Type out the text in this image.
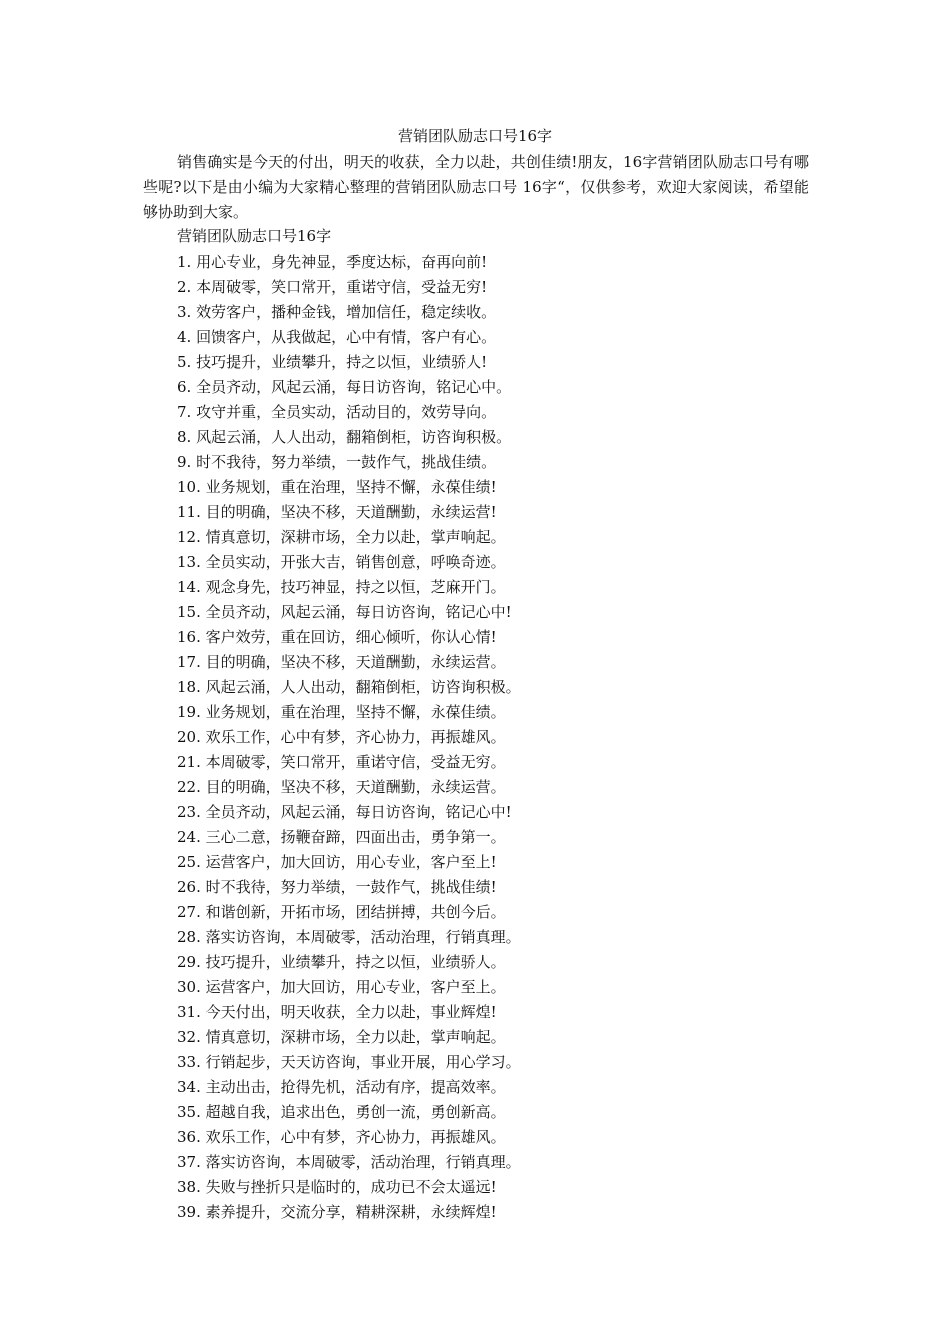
营销团队励志口号16字

销售确实是今天的付出，明天的收获，全力以赴，共创佳绩!朋友，16字营销团队励志口号有哪些呢?以下是由小编为大家精心整理的营销团队励志口号 16字“，仅供参考，欢迎大家阅读，希望能够协助到大家。

营销团队励志口号16字
1. 用心专业，身先神显，季度达标，奋再向前!
2. 本周破零，笑口常开，重诺守信，受益无穷!
3. 效劳客户，播种金钱，增加信任，稳定续收。
4. 回馈客户，从我做起，心中有情，客户有心。
5. 技巧提升，业绩攀升，持之以恒，业绩骄人!
6. 全员齐动，风起云涌，每日访咨询，铭记心中。
7. 攻守并重，全员实动，活动目的，效劳导向。
8. 风起云涌，人人出动，翻箱倒柜，访咨询积极。
9. 时不我待，努力举绩，一鼓作气，挑战佳绩。
10. 业务规划，重在治理，坚持不懈，永葆佳绩!
11. 目的明确，坚决不移，天道酬勤，永续运营!
12. 情真意切，深耕市场，全力以赴，掌声响起。
13. 全员实动，开张大吉，销售创意，呼唤奇迹。
14. 观念身先，技巧神显，持之以恒，芝麻开门。
15. 全员齐动，风起云涌，每日访咨询，铭记心中!
16. 客户效劳，重在回访，细心倾听，你认心情!
17. 目的明确，坚决不移，天道酬勤，永续运营。
18. 风起云涌，人人出动，翻箱倒柜，访咨询积极。
19. 业务规划，重在治理，坚持不懈，永葆佳绩。
20. 欢乐工作，心中有梦，齐心协力，再振雄风。
21. 本周破零，笑口常开，重诺守信，受益无穷。
22. 目的明确，坚决不移，天道酬勤，永续运营。
23. 全员齐动，风起云涌，每日访咨询，铭记心中!
24. 三心二意，扬鞭奋蹄，四面出击，勇争第一。
25. 运营客户，加大回访，用心专业，客户至上!
26. 时不我待，努力举绩，一鼓作气，挑战佳绩!
27. 和谐创新，开拓市场，团结拼搏，共创今后。
28. 落实访咨询，本周破零，活动治理，行销真理。
29. 技巧提升，业绩攀升，持之以恒，业绩骄人。
30. 运营客户，加大回访，用心专业，客户至上。
31. 今天付出，明天收获，全力以赴，事业辉煌!
32. 情真意切，深耕市场，全力以赴，掌声响起。
33. 行销起步，天天访咨询，事业开展，用心学习。
34. 主动出击，抢得先机，活动有序，提高效率。
35. 超越自我，追求出色，勇创一流，勇创新高。
36. 欢乐工作，心中有梦，齐心协力，再振雄风。
37. 落实访咨询，本周破零，活动治理，行销真理。
38. 失败与挫折只是临时的，成功已不会太遥远!
39. 素养提升，交流分享，精耕深耕，永续辉煌!
